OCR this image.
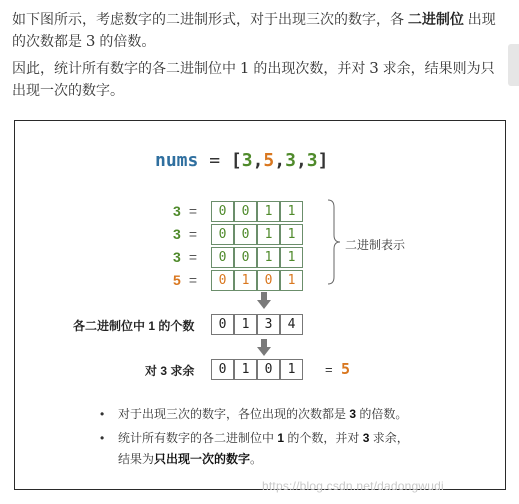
如下图所示，考虑数字的二进制形式，对于出现三次的数字，各 二进制位 出现的次数都是 3 的倍数。
因此，统计所有数字的各二进制位中 1 的出现次数，并对 3 求余，结果则为只出现一次的数字。
nums = [3,5,3,3]
3 =	0	0	1	1
3 =	0	0	1	1
3 =	0	0	1	1
5 =	0	1	0	1
二进制表示
各二进制位中 1 的个数	0	1	3	4
对 3 求余	0	1	0	1	= 5
• 对于出现三次的数字，各位出现的次数都是 3 的倍数。
• 统计所有数字的各二进制位中 1 的个数，并对 3 求余，
结果为只出现一次的数字。
https://blog.csdn.net/dadongwudi
